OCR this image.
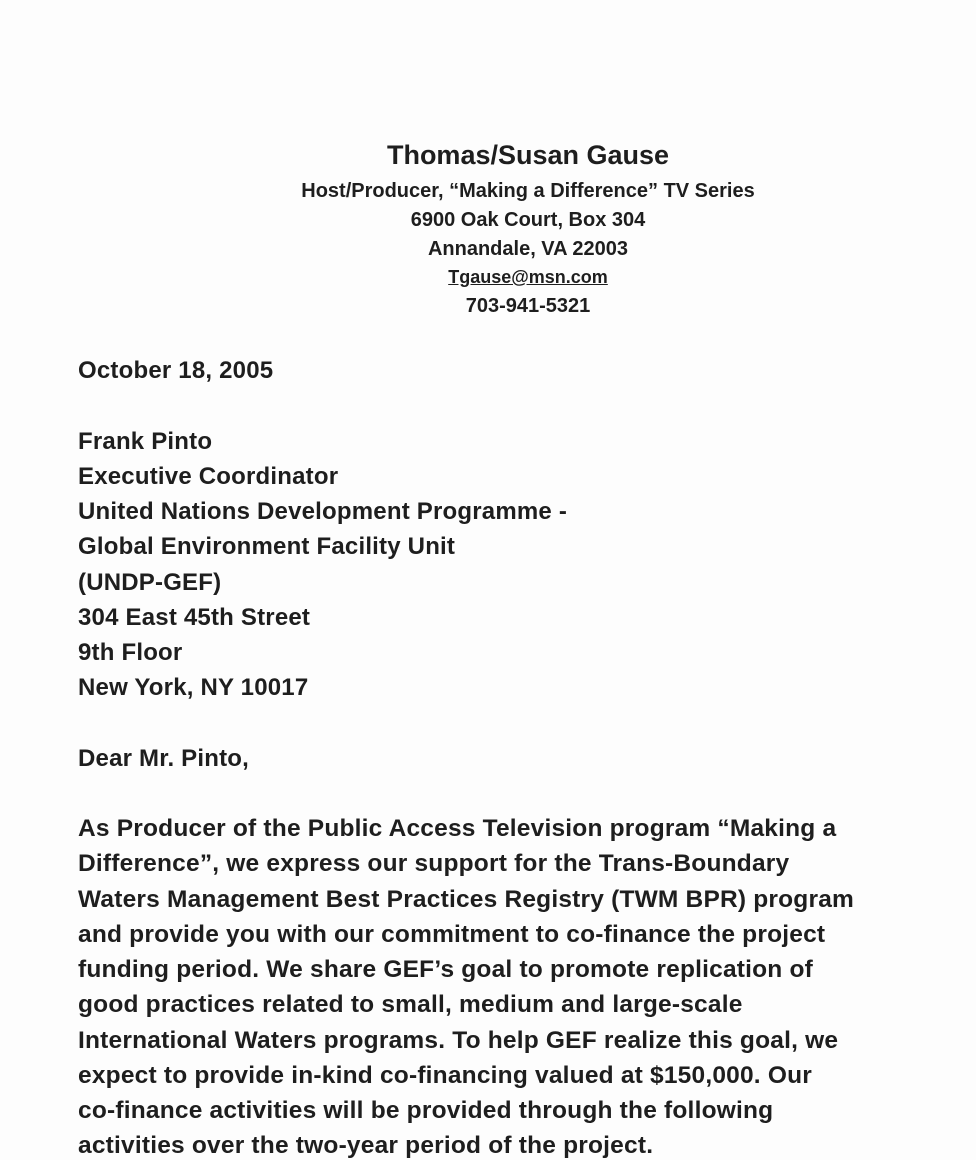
Thomas/Susan Gause
Host/Producer, “Making a Difference” TV Series
6900 Oak Court, Box 304
Annandale, VA 22003
Tgause@msn.com
703-941-5321
October 18, 2005
Frank Pinto
Executive Coordinator
United Nations Development Programme -
Global Environment Facility Unit
(UNDP-GEF)
304 East 45th Street
9th Floor
New York, NY 10017
Dear Mr. Pinto,
As Producer of the Public Access Television program “Making a
Difference”, we express our support for the Trans-Boundary
Waters Management Best Practices Registry (TWM BPR) program
and provide you with our commitment to co-finance the project
funding period. We share GEF’s goal to promote replication of
good practices related to small, medium and large-scale
International Waters programs. To help GEF realize this goal, we
expect to provide in-kind co-financing valued at $150,000. Our
co-finance activities will be provided through the following
activities over the two-year period of the project.
